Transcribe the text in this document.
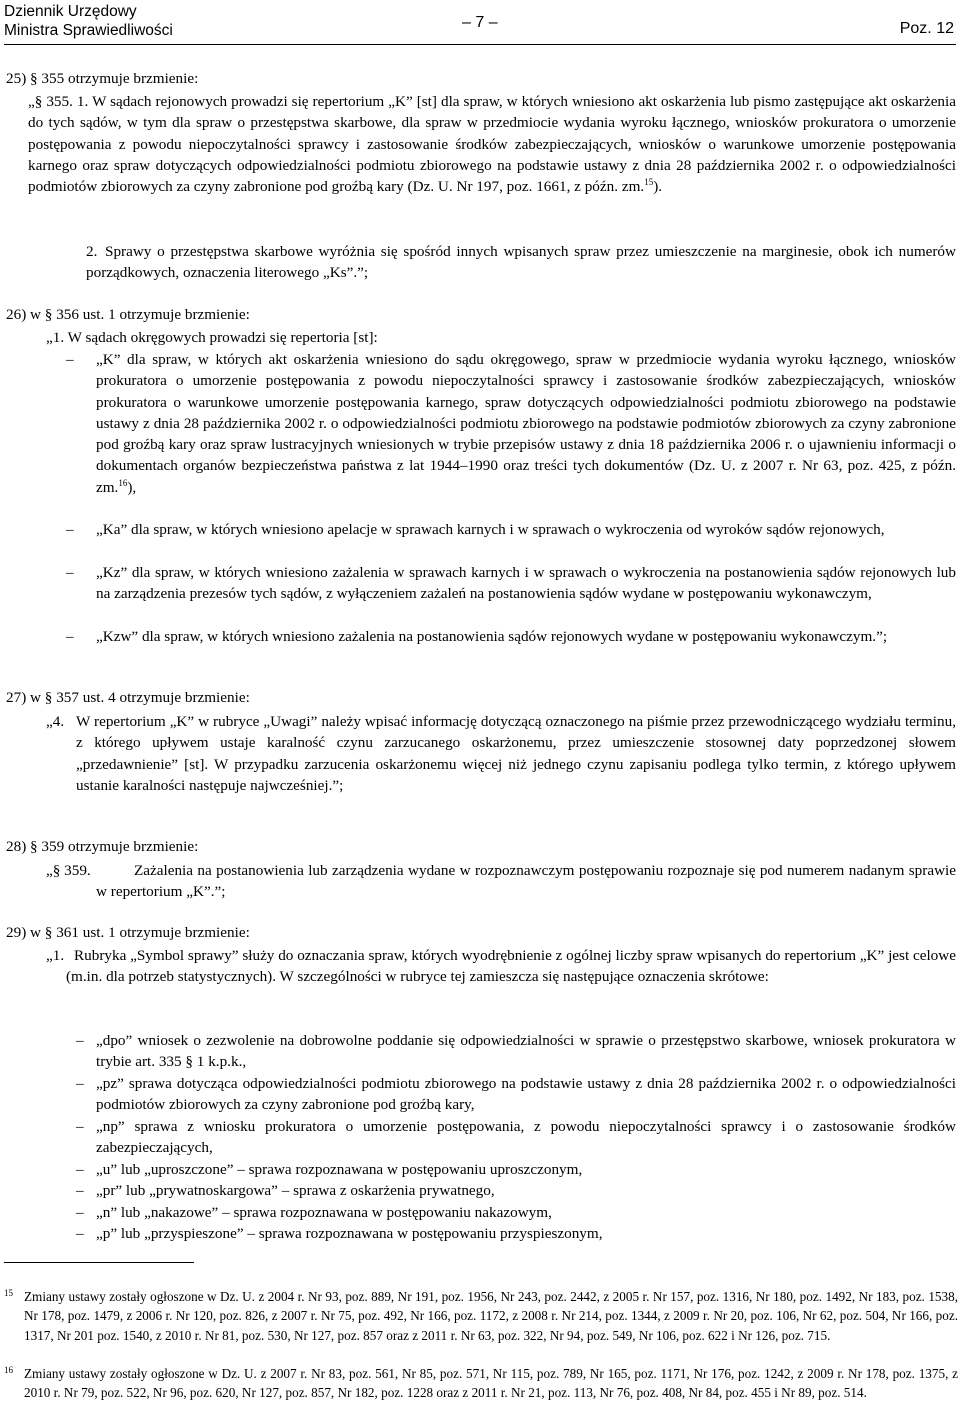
Dziennik Urzędowy
Ministra Sprawiedliwości	– 7 –	Poz. 12
25) § 355 otrzymuje brzmienie:
„§ 355. 1. W sądach rejonowych prowadzi się repertorium „K” [st] dla spraw, w których wniesiono akt oskarżenia lub pismo zastępujące akt oskarżenia do tych sądów, w tym dla spraw o przestępstwa skarbowe, dla spraw w przedmiocie wydania wyroku łącznego, wniosków prokuratora o umorzenie postępowania z powodu niepoczytalności sprawcy i zastosowanie środków zabezpieczających, wniosków o warunkowe umorzenie postępowania karnego oraz spraw dotyczących odpowiedzialności podmiotu zbiorowego na podstawie ustawy z dnia 28 października 2002 r. o odpowiedzialności podmiotów zbiorowych za czyny zabronione pod groźbą kary (Dz. U. Nr 197, poz. 1661, z późn. zm.$^{15}$).
2. Sprawy o przestępstwa skarbowe wyróżnia się spośród innych wpisanych spraw przez umieszczenie na marginesie, obok ich numerów porządkowych, oznaczenia literowego „Ks”.”;
26) w § 356 ust. 1 otrzymuje brzmienie:
„1. W sądach okręgowych prowadzi się repertoria [st]:
– „K” dla spraw, w których akt oskarżenia wniesiono do sądu okręgowego, spraw w przedmiocie wydania wyroku łącznego, wniosków prokuratora o umorzenie postępowania z powodu niepoczytalności sprawcy i zastosowanie środków zabezpieczających, wniosków prokuratora o warunkowe umorzenie postępowania karnego, spraw dotyczących odpowiedzialności podmiotu zbiorowego na podstawie ustawy z dnia 28 października 2002 r. o odpowiedzialności podmiotu zbiorowego na podstawie podmiotów zbiorowych za czyny zabronione pod groźbą kary oraz spraw lustracyjnych wniesionych w trybie przepisów ustawy z dnia 18 października 2006 r. o ujawnieniu informacji o dokumentach organów bezpieczeństwa państwa z lat 1944–1990 oraz treści tych dokumentów (Dz. U. z 2007 r. Nr 63, poz. 425, z późn. zm.$^{16}$),
– „Ka” dla spraw, w których wniesiono apelacje w sprawach karnych i w sprawach o wykroczenia od wyroków sądów rejonowych,
– „Kz” dla spraw, w których wniesiono zażalenia w sprawach karnych i w sprawach o wykroczenia na postanowienia sądów rejonowych lub na zarządzenia prezesów tych sądów, z wyłączeniem zażaleń na postanowienia sądów wydane w postępowaniu wykonawczym,
– „Kzw” dla spraw, w których wniesiono zażalenia na postanowienia sądów rejonowych wydane w postępowaniu wykonawczym.”;
27) w § 357 ust. 4 otrzymuje brzmienie:
„4. W repertorium „K” w rubryce „Uwagi” należy wpisać informację dotyczącą oznaczonego na piśmie przez przewodniczącego wydziału terminu, z którego upływem ustaje karalność czynu zarzucanego oskarżonemu, przez umieszczenie stosownej daty poprzedzonej słowem „przedawnienie” [st]. W przypadku zarzucenia oskarżonemu więcej niż jednego czynu zapisaniu podlega tylko termin, z którego upływem ustanie karalności następuje najwcześniej.”;
28) § 359 otrzymuje brzmienie:
„§ 359.	Zażalenia na postanowienia lub zarządzenia wydane w rozpoznawczym postępowaniu rozpoznaje się pod numerem nadanym sprawie w repertorium „K”.”;
29) w § 361 ust. 1 otrzymuje brzmienie:
„1. Rubryka „Symbol sprawy” służy do oznaczania spraw, których wyodrębnienie z ogólnej liczby spraw wpisanych do repertorium „K” jest celowe (m.in. dla potrzeb statystycznych). W szczególności w rubryce tej zamieszcza się następujące oznaczenia skrótowe:
– „dpo” wniosek o zezwolenie na dobrowolne poddanie się odpowiedzialności w sprawie o przestępstwo skarbowe, wniosek prokuratora w trybie art. 335 § 1 k.p.k.,
– „pz” sprawa dotycząca odpowiedzialności podmiotu zbiorowego na podstawie ustawy z dnia 28 października 2002 r. o odpowiedzialności podmiotów zbiorowych za czyny zabronione pod groźbą kary,
– „np” sprawa z wniosku prokuratora o umorzenie postępowania, z powodu niepoczytalności sprawcy i o zastosowanie środków zabezpieczających,
– „u” lub „uproszczone” – sprawa rozpoznawana w postępowaniu uproszczonym,
– „pr” lub „prywatnoskargowa” – sprawa z oskarżenia prywatnego,
– „n” lub „nakazowe” – sprawa rozpoznawana w postępowaniu nakazowym,
– „p” lub „przyspieszone” – sprawa rozpoznawana w postępowaniu przyspieszonym,
15 Zmiany ustawy zostały ogłoszone w Dz. U. z 2004 r. Nr 93, poz. 889, Nr 191, poz. 1956, Nr 243, poz. 2442, z 2005 r. Nr 157, poz. 1316, Nr 180, poz. 1492, Nr 183, poz. 1538, Nr 178, poz. 1479, z 2006 r. Nr 120, poz. 826, z 2007 r. Nr 75, poz. 492, Nr 166, poz. 1172, z 2008 r. Nr 214, poz. 1344, z 2009 r. Nr 20, poz. 106, Nr 62, poz. 504, Nr 166, poz. 1317, Nr 201 poz. 1540, z 2010 r. Nr 81, poz. 530, Nr 127, poz. 857 oraz z 2011 r. Nr 63, poz. 322, Nr 94, poz. 549, Nr 106, poz. 622 i Nr 126, poz. 715.
16 Zmiany ustawy zostały ogłoszone w Dz. U. z 2007 r. Nr 83, poz. 561, Nr 85, poz. 571, Nr 115, poz. 789, Nr 165, poz. 1171, Nr 176, poz. 1242, z 2009 r. Nr 178, poz. 1375, z 2010 r. Nr 79, poz. 522, Nr 96, poz. 620, Nr 127, poz. 857, Nr 182, poz. 1228 oraz z 2011 r. Nr 21, poz. 113, Nr 76, poz. 408, Nr 84, poz. 455 i Nr 89, poz. 514.
